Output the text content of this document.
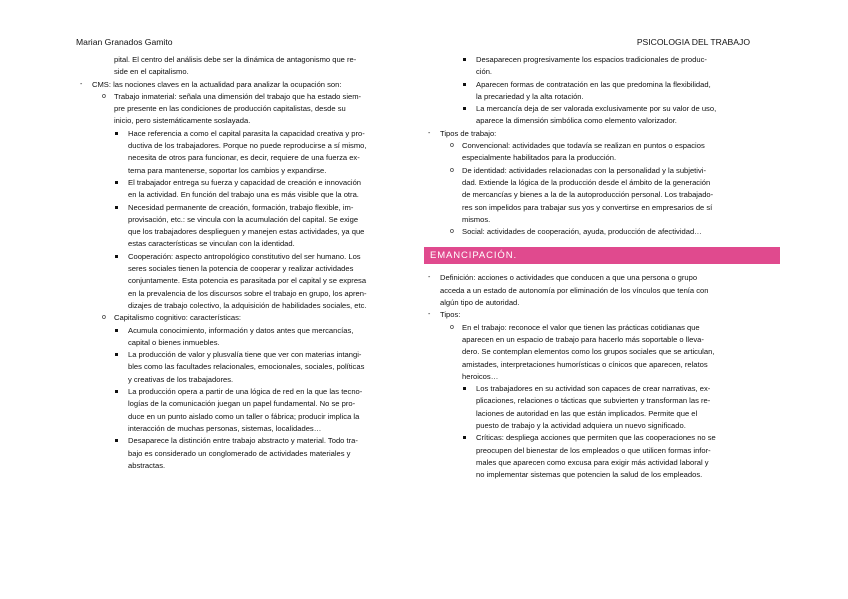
Marian Granados Gamito	PSICOLOGIA DEL TRABAJO
pital. El centro del análisis debe ser la dinámica de antagonismo que re-
side en el capitalismo.
- CMS: las nociones claves en la actualidad para analizar la ocupación son:
o Trabajo inmaterial: señala una dimensión del trabajo que ha estado siem-
pre presente en las condiciones de producción capitalistas, desde su
inicio, pero sistemáticamente soslayada.
Hace referencia a como el capital parasita la capacidad creativa y pro-
ductiva de los trabajadores. Porque no puede reproducirse a sí mismo,
necesita de otros para funcionar, es decir, requiere de una fuerza ex-
terna para mantenerse, soportar los cambios y expandirse.
El trabajador entrega su fuerza y capacidad de creación e innovación
en la actividad. En función del trabajo una es más visible que la otra.
Necesidad permanente de creación, formación, trabajo flexible, im-
provisación, etc.: se vincula con la acumulación del capital. Se exige
que los trabajadores desplieguen y manejen estas actividades, ya que
estas características se vinculan con la identidad.
Cooperación: aspecto antropológico constitutivo del ser humano. Los
seres sociales tienen la potencia de cooperar y realizar actividades
conjuntamente. Esta potencia es parasitada por el capital y se expresa
en la prevalencia de los discursos sobre el trabajo en grupo, los apren-
dizajes de trabajo colectivo, la adquisición de habilidades sociales, etc.
o Capitalismo cognitivo: características:
Acumula conocimiento, información y datos antes que mercancías,
capital o bienes inmuebles.
La producción de valor y plusvalía tiene que ver con materias intangi-
bles como las facultades relacionales, emocionales, sociales, políticas
y creativas de los trabajadores.
La producción opera a partir de una lógica de red en la que las tecno-
logías de la comunicación juegan un papel fundamental. No se pro-
duce en un punto aislado como un taller o fábrica; producir implica la
interacción de muchas personas, sistemas, localidades…
Desaparece la distinción entre trabajo abstracto y material. Todo tra-
bajo es considerado un conglomerado de actividades materiales y
abstractas.
Desaparecen progresivamente los espacios tradicionales de produc-
ción.
Aparecen formas de contratación en las que predomina la flexibilidad,
la precariedad y la alta rotación.
La mercancía deja de ser valorada exclusivamente por su valor de uso,
aparece la dimensión simbólica como elemento valorizador.
- Tipos de trabajo:
o Convencional: actividades que todavía se realizan en puntos o espacios
especialmente habilitados para la producción.
o De identidad: actividades relacionadas con la personalidad y la subjetivi-
dad. Extiende la lógica de la producción desde el ámbito de la generación
de mercancías y bienes a la de la autoproducción personal. Los trabajado-
res son impelidos para trabajar sus yos y convertirse en empresarios de sí
mismos.
o Social: actividades de cooperación, ayuda, producción de afectividad…
EMANCIPACIÓN.
- Definición: acciones o actividades que conducen a que una persona o grupo
acceda a un estado de autonomía por eliminación de los vínculos que tenía con
algún tipo de autoridad.
- Tipos:
o En el trabajo: reconoce el valor que tienen las prácticas cotidianas que
aparecen en un espacio de trabajo para hacerlo más soportable o lleva-
dero. Se contemplan elementos como los grupos sociales que se articulan,
amistades, interpretaciones humorísticas o cínicos que aparecen, relatos
heroicos…
Los trabajadores en su actividad son capaces de crear narrativas, ex-
plicaciones, relaciones o tácticas que subvierten y transforman las re-
laciones de autoridad en las que están implicados. Permite que el
puesto de trabajo y la actividad adquiera un nuevo significado.
Críticas: despliega acciones que permiten que las cooperaciones no se
preocupen del bienestar de los empleados o que utilicen formas infor-
males que aparecen como excusa para exigir más actividad laboral y
no implementar sistemas que potencien la salud de los empleados.
